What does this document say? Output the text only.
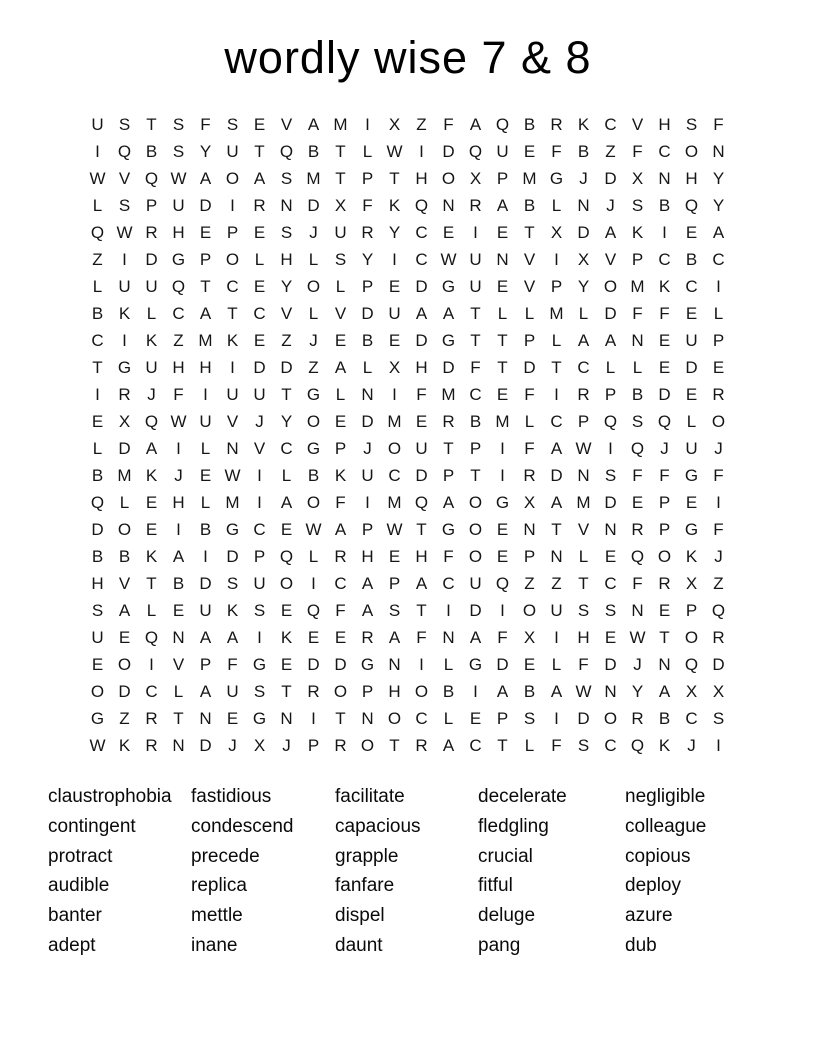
wordly wise 7 & 8
U S T S F S E V A M	I	X Z F A Q B R K C V H S F
I	Q B S Y U T Q B T	L W I	D Q U E F B Z F C O N
W V Q W A O A S M T P T H O X P M G J D X N H Y
L S P U D	I	R N D X F K Q N R A B L N J	S B Q Y
Q W R H E P E S	J U R Y C E	I	E T X D A K	I	E A
Z	I	D G P O L H L S Y	I	C W U N V	I	X V P C B C
L U U Q T C E Y O L P E D G U E V P Y O M K C	I
B K L C A T C V L V D U A A T	L	L M L D F F E L
C	I	K Z M K E Z	J	E B E D G T T P L A A N E U P
T G U H H	I	D D Z A L X H D F T D T C L	L E D E
I	R J	F	I	U U T G L N	I	F M C E F	I	R P B D E R
E X Q W U V	J	Y O E D M E R B M L C P Q S Q L O
L D A	I	L N V C G P	J O U T P	I	F A W I	Q J U J
B M K	J	E W I	L B K U C D P T	I	R D N S F F G F
Q L E H L M	I	A O F	I	M Q A O G X A M D E P E	I
D O E	I	B G C E W A P W T G O E N T V N R P G F
B B K A	I	D P Q L R H E H F O E P N L E Q O K	J
H V T B D S U O	I	C A P A C U Q Z Z T C F R X Z
S A L E U K S E Q F A S T	I	D	I	O U S S N E P Q
U E Q N A A	I	K E E R A F N A F X	I	H E W T O R
E O	I	V P F G E D D G N	I	L G D E L	F D J N Q D
O D C L A U S T R O P H O B	I	A B A W N Y A X X
G Z R T N E G N	I	T N O C L E P S	I	D O R B C S
W K R N D J	X	J	P R O T R A C T	L	F S C Q K	J	I
claustrophobia	fastidious	facilitate	decelerate	negligible
contingent	condescend	capacious	fledgling	colleague
protract	precede	grapple	crucial	copious
audible	replica	fanfare	fitful	deploy
banter	mettle	dispel	deluge	azure
adept	inane	daunt	pang	dub
